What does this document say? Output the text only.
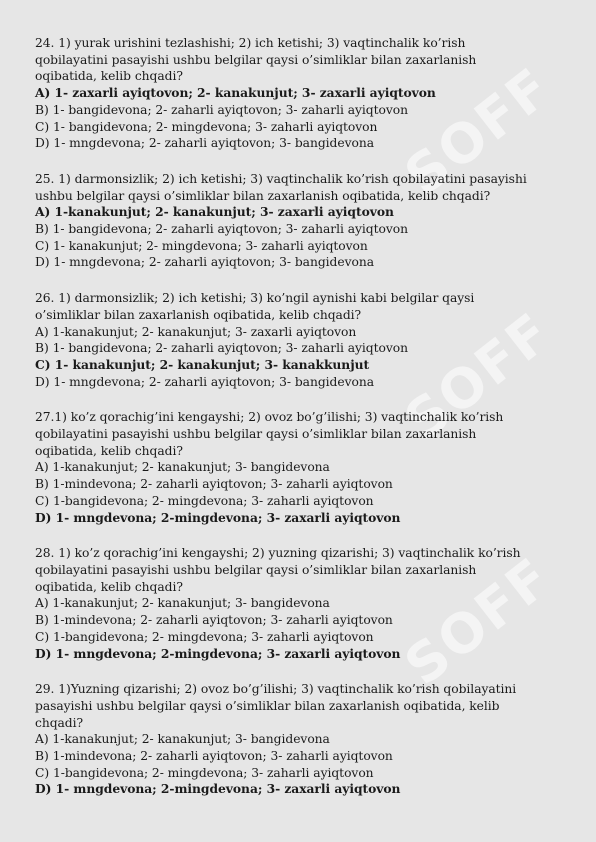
SOFF
SOFF
SOFF
24. 1) yurak urishini tezlashishi; 2) ich ketishi; 3) vaqtinchalik ko’rish
qobilayatini pasayishi ushbu belgilar qaysi o’simliklar bilan zaxarlanish
oqibatida, kelib chqadi?
A) 1- zaxarli ayiqtovon; 2- kanakunjut; 3- zaxarli ayiqtovon
B) 1- bangidevona; 2- zaharli ayiqtovon; 3- zaharli ayiqtovon
C) 1- bangidevona; 2- mingdevona; 3- zaharli ayiqtovon
D) 1- mngdevona; 2- zaharli ayiqtovon; 3- bangidevona
25. 1) darmonsizlik; 2) ich ketishi; 3) vaqtinchalik ko’rish qobilayatini pasayishi
ushbu belgilar qaysi o’simliklar bilan zaxarlanish oqibatida, kelib chqadi?
A) 1-kanakunjut; 2- kanakunjut; 3- zaxarli ayiqtovon
B) 1- bangidevona; 2- zaharli ayiqtovon; 3- zaharli ayiqtovon
C) 1- kanakunjut; 2- mingdevona; 3- zaharli ayiqtovon
D) 1- mngdevona; 2- zaharli ayiqtovon; 3- bangidevona
26. 1) darmonsizlik; 2) ich ketishi; 3) ko’ngil aynishi kabi belgilar qaysi
o’simliklar bilan zaxarlanish oqibatida, kelib chqadi?
A) 1-kanakunjut; 2- kanakunjut; 3- zaxarli ayiqtovon
B) 1- bangidevona; 2- zaharli ayiqtovon; 3- zaharli ayiqtovon
C) 1- kanakunjut; 2- kanakunjut; 3- kanakkunjut
D) 1- mngdevona; 2- zaharli ayiqtovon; 3- bangidevona
27.1) ko’z qorachig’ini kengayshi; 2) ovoz bo’g’ilishi; 3) vaqtinchalik ko’rish
qobilayatini pasayishi ushbu belgilar qaysi o’simliklar bilan zaxarlanish
oqibatida, kelib chqadi?
A) 1-kanakunjut; 2- kanakunjut; 3- bangidevona
B) 1-mindevona; 2- zaharli ayiqtovon; 3- zaharli ayiqtovon
C) 1-bangidevona; 2- mingdevona; 3- zaharli ayiqtovon
D) 1- mngdevona; 2-mingdevona; 3- zaxarli ayiqtovon
28. 1) ko’z qorachig’ini kengayshi; 2) yuzning qizarishi; 3) vaqtinchalik ko’rish
qobilayatini pasayishi ushbu belgilar qaysi o’simliklar bilan zaxarlanish
oqibatida, kelib chqadi?
A) 1-kanakunjut; 2- kanakunjut; 3- bangidevona
B) 1-mindevona; 2- zaharli ayiqtovon; 3- zaharli ayiqtovon
C) 1-bangidevona; 2- mingdevona; 3- zaharli ayiqtovon
D) 1- mngdevona; 2-mingdevona; 3- zaxarli ayiqtovon
29. 1)Yuzning qizarishi; 2) ovoz bo’g’ilishi; 3) vaqtinchalik ko’rish qobilayatini
pasayishi ushbu belgilar qaysi o’simliklar bilan zaxarlanish oqibatida, kelib
chqadi?
A) 1-kanakunjut; 2- kanakunjut; 3- bangidevona
B) 1-mindevona; 2- zaharli ayiqtovon; 3- zaharli ayiqtovon
C) 1-bangidevona; 2- mingdevona; 3- zaharli ayiqtovon
D) 1- mngdevona; 2-mingdevona; 3- zaxarli ayiqtovon
